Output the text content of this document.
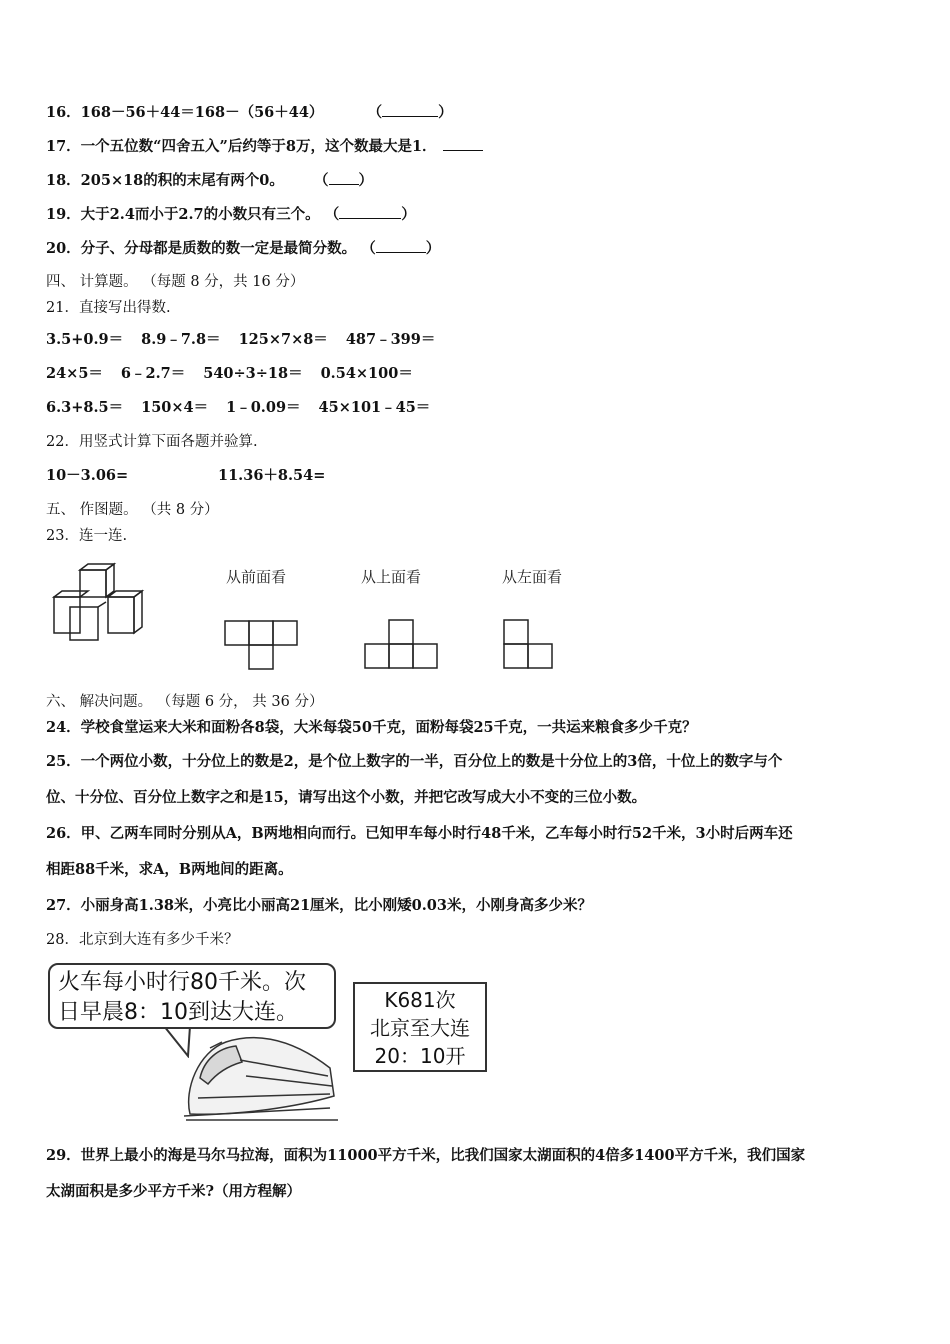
16．168－56＋44＝168－（56＋44）	（	）
17．一个五位数“四舍五入”后约等于8万，这个数最大是1．
18．205×18的积的末尾有两个0。 （ ）
19．大于2.4而小于2.7的小数只有三个。 （	）
20．分子、分母都是质数的数一定是最简分数。 （	）
四、 计算题。 （每题 8 分，共 16 分）
21．直接写出得数.
3.5+0.9＝ 8.9﹣7.8＝ 125×7×8＝ 487﹣399＝
24×5＝ 6﹣2.7＝ 540÷3÷18＝ 0.54×100＝
6.3+8.5＝ 150×4＝ 1﹣0.09＝ 45×101﹣45＝
22．用竖式计算下面各题并验算.
10－3.06=	11.36＋8.54=
五、 作图题。 （共 8 分）
23．连一连.
从前面看	从上面看	从左面看
六、 解决问题。 （每题 6 分， 共 36 分）
24．学校食堂运来大米和面粉各8袋，大米每袋50千克，面粉每袋25千克，一共运来粮食多少千克？
25．一个两位小数，十分位上的数是2，是个位上数字的一半，百分位上的数是十分位上的3倍，十位上的数字与个
位、十分位、百分位上数字之和是15，请写出这个小数，并把它改写成大小不变的三位小数。
26．甲、乙两车同时分别从A，B两地相向而行。已知甲车每小时行48千米，乙车每小时行52千米，3小时后两车还
相距88千米，求A，B两地间的距离。
27．小丽身高1.38米，小亮比小丽高21厘米，比小刚矮0.03米，小刚身高多少米？
28．北京到大连有多少千米？
火车每小时行80千米。次
日早晨8：10到达大连。	K681次
北京至大连
20：10开
29．世界上最小的海是马尔马拉海，面积为11000平方千米，比我们国家太湖面积的4倍多1400平方千米，我们国家
太湖面积是多少平方千米?（用方程解）
